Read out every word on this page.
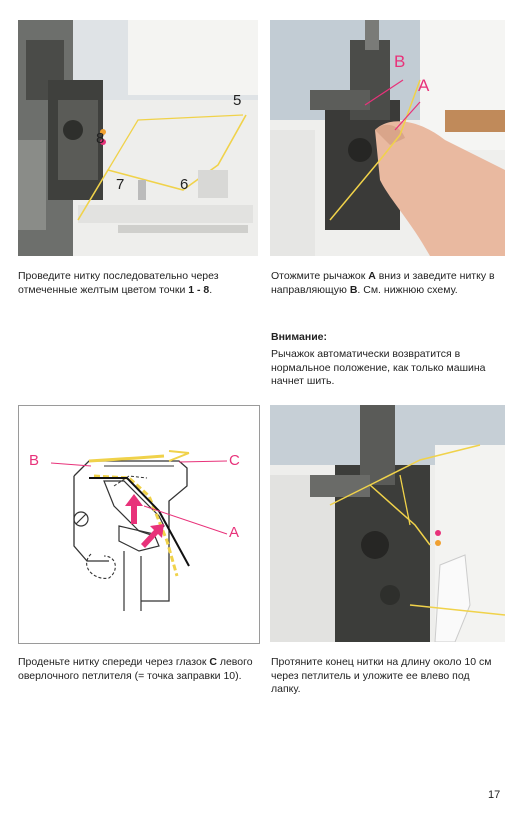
5
8
7	6

Проведите нитку последовательно через отмеченные желтым цветом точки 1 - 8.

B
A

Отожмите рычажок A вниз и заведите нитку в направляющую B. См. нижнюю схему.

Внимание:

Рычажок автоматически возвратится в нормальное положение, как только машина начнет шить.

B	C
A

Проденьте нитку спереди через глазок C левого оверлочного петлителя (= точка заправки 10).

Протяните конец нитки на длину около 10 см через петлитель и уложите ее влево под лапку.

17
